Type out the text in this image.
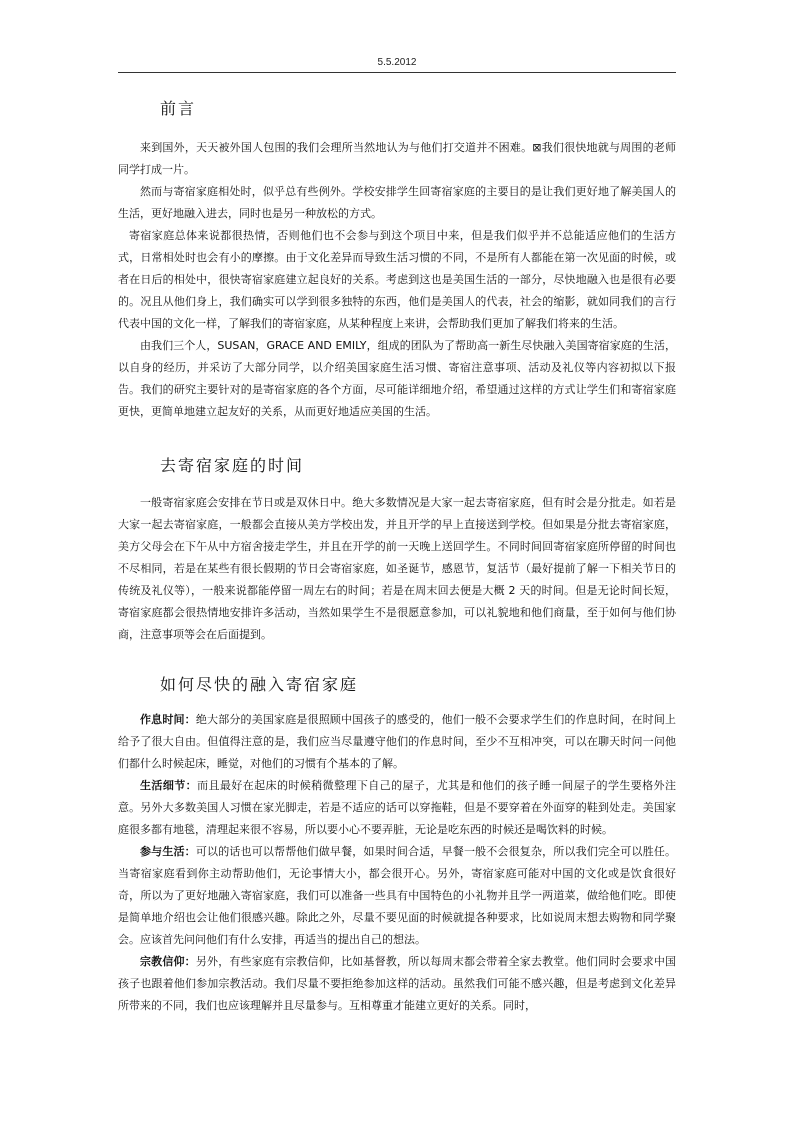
5.5.2012
前言

来到国外，天天被外国人包围的我们会理所当然地认为与他们打交道并不困难。⊠我们很快地就与周围的老师同学打成一片。

然而与寄宿家庭相处时，似乎总有些例外。学校安排学生回寄宿家庭的主要目的是让我们更好地了解美国人的生活，更好地融入进去，同时也是另一种放松的方式。

寄宿家庭总体来说都很热情，否则他们也不会参与到这个项目中来，但是我们似乎并不总能适应他们的生活方式，日常相处时也会有小的摩擦。由于文化差异而导致生活习惯的不同，不是所有人都能在第一次见面的时候，或者在日后的相处中，很快寄宿家庭建立起良好的关系。考虑到这也是美国生活的一部分，尽快地融入也是很有必要的。况且从他们身上，我们确实可以学到很多独特的东西，他们是美国人的代表，社会的缩影，就如同我们的言行代表中国的文化一样，了解我们的寄宿家庭，从某种程度上来讲，会帮助我们更加了解我们将来的生活。

由我们三个人，SUSAN，GRACE AND EMILY，组成的团队为了帮助高一新生尽快融入美国寄宿家庭的生活，以自身的经历，并采访了大部分同学，以介绍美国家庭生活习惯、寄宿注意事项、活动及礼仪等内容初拟以下报告。我们的研究主要针对的是寄宿家庭的各个方面，尽可能详细地介绍，希望通过这样的方式让学生们和寄宿家庭更快，更简单地建立起友好的关系，从而更好地适应美国的生活。

去寄宿家庭的时间

一般寄宿家庭会安排在节日或是双休日中。绝大多数情况是大家一起去寄宿家庭，但有时会是分批走。如若是大家一起去寄宿家庭，一般都会直接从美方学校出发，并且开学的早上直接送到学校。但如果是分批去寄宿家庭，美方父母会在下午从中方宿舍接走学生，并且在开学的前一天晚上送回学生。不同时间回寄宿家庭所停留的时间也不尽相同，若是在某些有很长假期的节日会寄宿家庭，如圣诞节，感恩节，复活节（最好提前了解一下相关节日的传统及礼仪等），一般来说都能停留一周左右的时间；若是在周末回去便是大概 2 天的时间。但是无论时间长短，寄宿家庭都会很热情地安排许多活动，当然如果学生不是很愿意参加，可以礼貌地和他们商量，至于如何与他们协商，注意事项等会在后面提到。

如何尽快的融入寄宿家庭

作息时间：绝大部分的美国家庭是很照顾中国孩子的感受的，他们一般不会要求学生们的作息时间，在时间上给予了很大自由。但值得注意的是，我们应当尽量遵守他们的作息时间，至少不互相冲突，可以在聊天时问一问他们都什么时候起床，睡觉，对他们的习惯有个基本的了解。

生活细节：而且最好在起床的时候稍微整理下自己的屋子，尤其是和他们的孩子睡一间屋子的学生要格外注意。另外大多数美国人习惯在家光脚走，若是不适应的话可以穿拖鞋，但是不要穿着在外面穿的鞋到处走。美国家庭很多都有地毯，清理起来很不容易，所以要小心不要弄脏，无论是吃东西的时候还是喝饮料的时候。

参与生活：可以的话也可以帮帮他们做早餐，如果时间合适，早餐一般不会很复杂，所以我们完全可以胜任。当寄宿家庭看到你主动帮助他们，无论事情大小，都会很开心。另外，寄宿家庭可能对中国的文化或是饮食很好奇，所以为了更好地融入寄宿家庭，我们可以准备一些具有中国特色的小礼物并且学一两道菜，做给他们吃。即使是简单地介绍也会让他们很感兴趣。除此之外，尽量不要见面的时候就提各种要求，比如说周末想去购物和同学聚会。应该首先问问他们有什么安排，再适当的提出自己的想法。

宗教信仰：另外，有些家庭有宗教信仰，比如基督教，所以每周末都会带着全家去教堂。他们同时会要求中国孩子也跟着他们参加宗教活动。我们尽量不要拒绝参加这样的活动。虽然我们可能不感兴趣，但是考虑到文化差异所带来的不同，我们也应该理解并且尽量参与。互相尊重才能建立更好的关系。同时，
